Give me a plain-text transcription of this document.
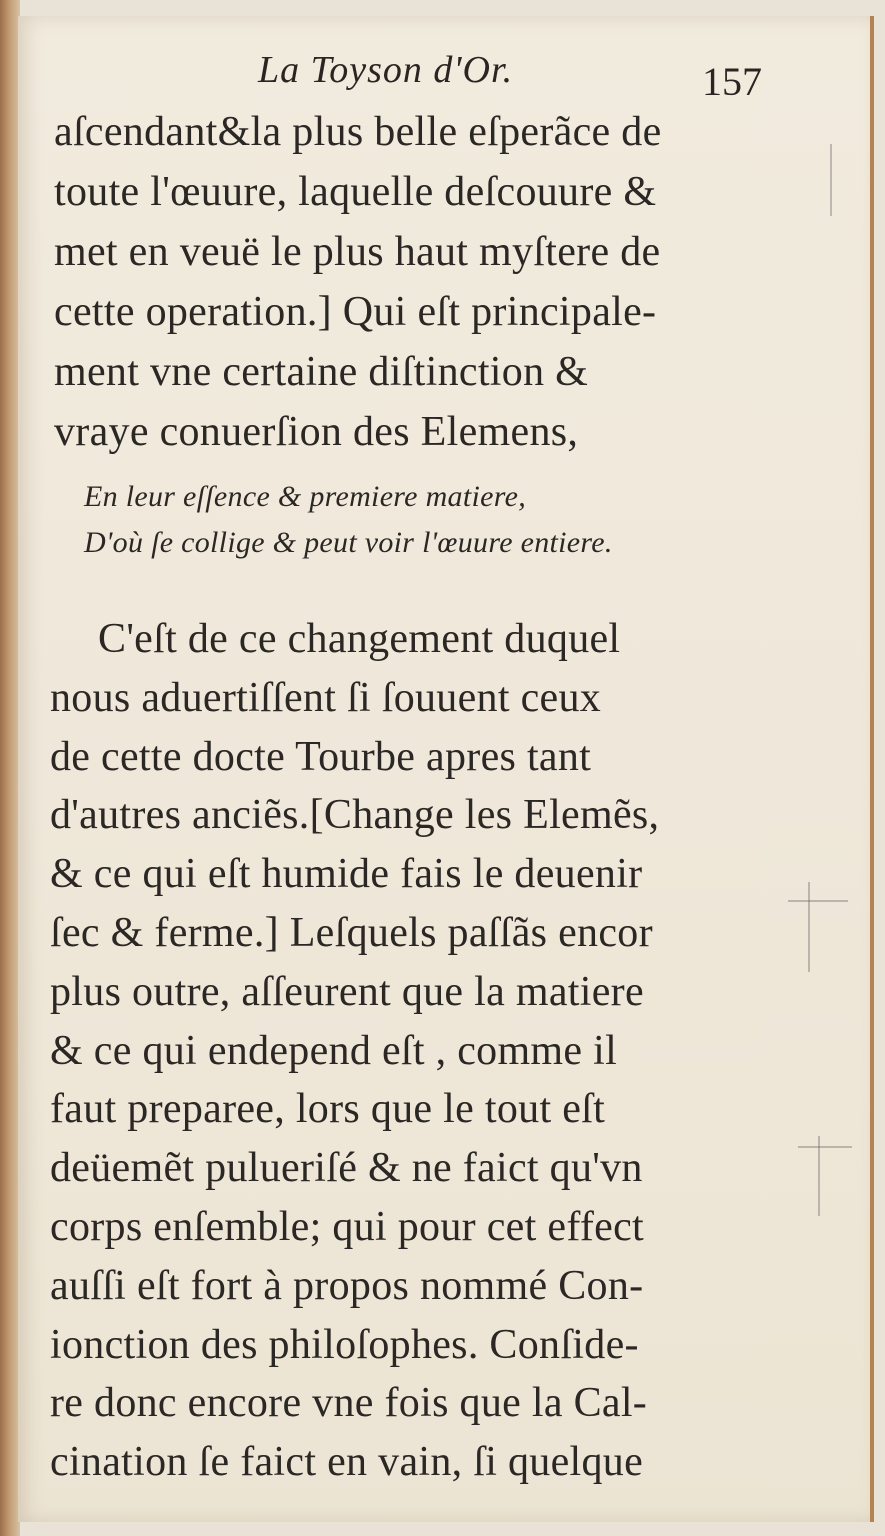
La Toyson d'Or.	157
aſcendant&la plus belle eſperãce de
toute l'œuure, laquelle deſcouure &
met en veuë le plus haut myſtere de
cette operation.] Qui eſt principale-
ment vne certaine diſtinction &
vraye conuerſion des Elemens,
En leur eſſence & premiere matiere,
D'où ſe collige & peut voir l'œuure entiere.
C'eſt de ce changement duquel
nous aduertiſſent ſi ſouuent ceux
de cette docte Tourbe apres tant
d'autres anciẽs.[Change les Elemẽs,
& ce qui eſt humide fais le deuenir
ſec & ferme.] Leſquels paſſãs encor
plus outre, aſſeurent que la matiere
& ce qui endepend eſt , comme il
faut preparee, lors que le tout eſt
deüemẽt pulueriſé & ne faict qu'vn
corps enſemble; qui pour cet effect
auſſi eſt fort à propos nommé Con-
ionction des philoſophes. Conſide-
re donc encore vne fois que la Cal-
cination ſe faict en vain, ſi quelque
